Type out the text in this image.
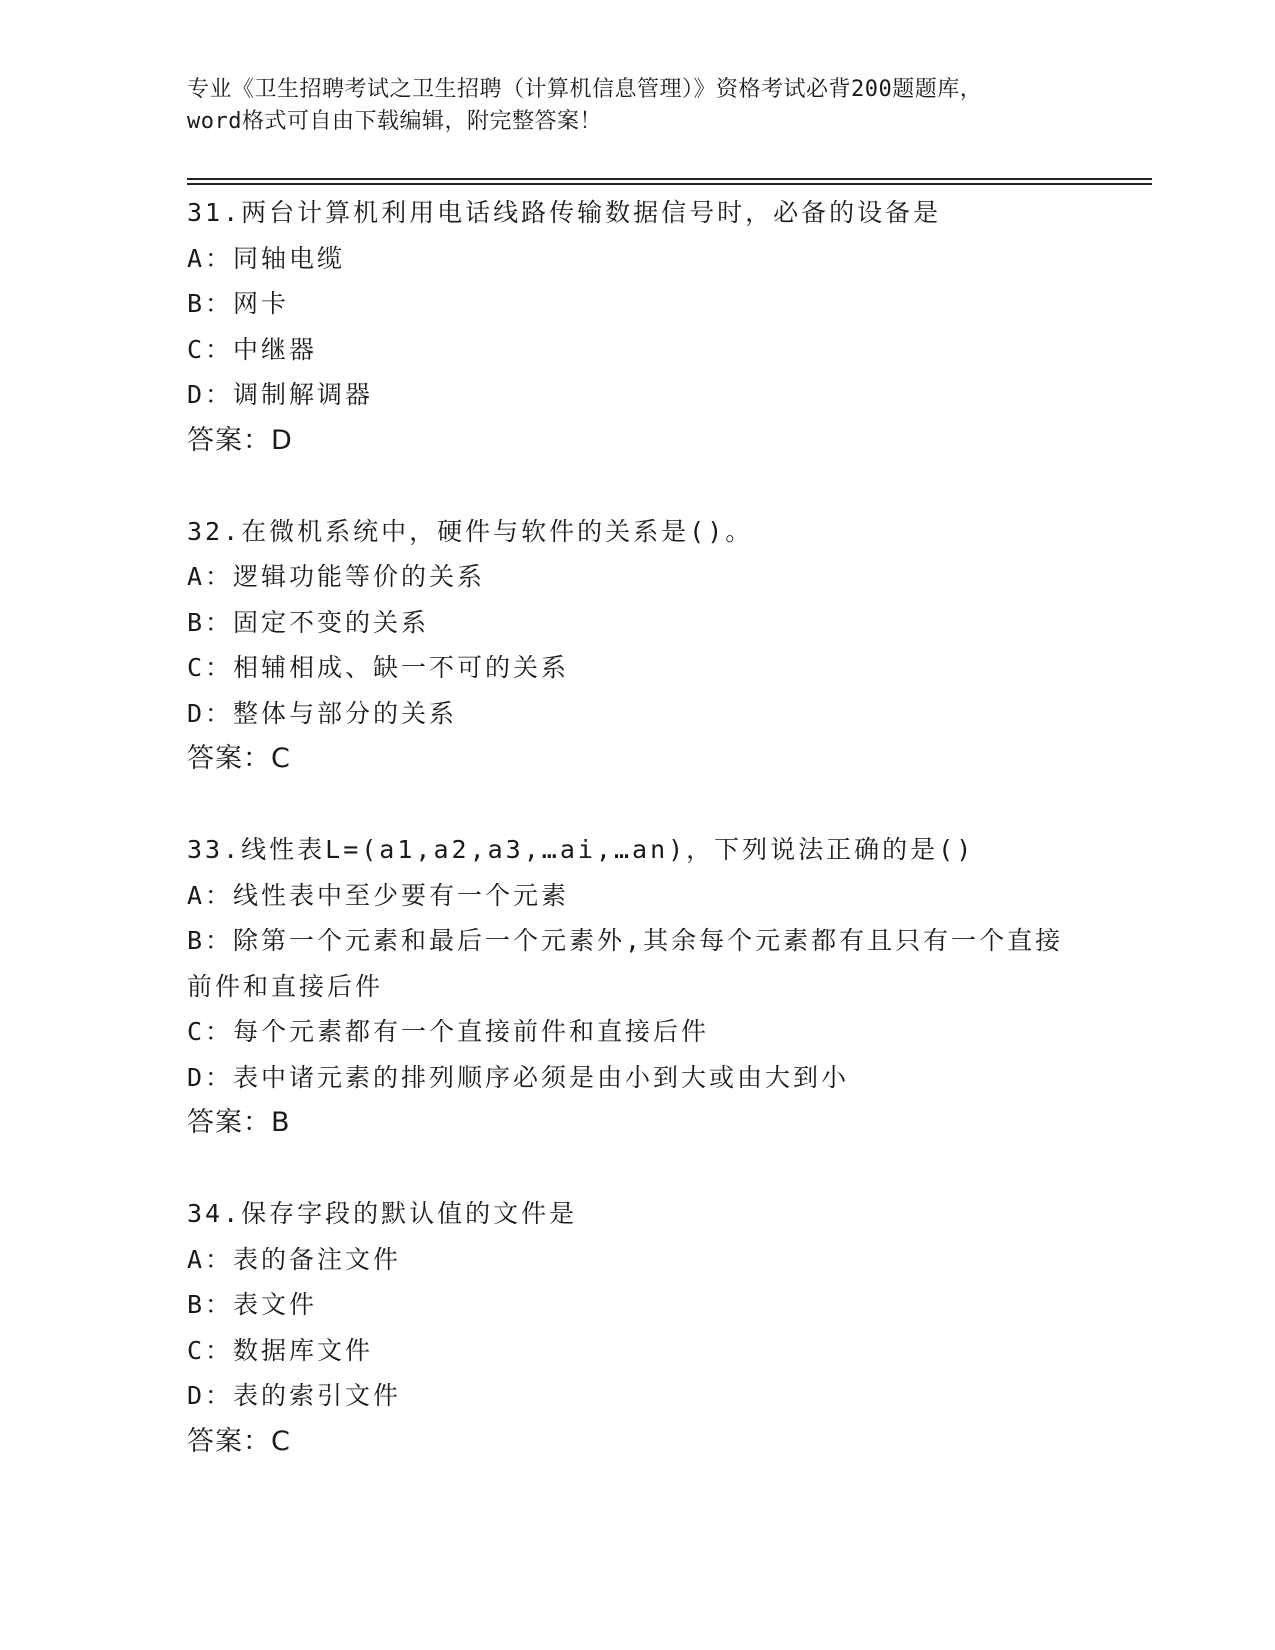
专业《卫生招聘考试之卫生招聘（计算机信息管理）》资格考试必背200题题库，
word格式可自由下载编辑，附完整答案！
31.两台计算机利用电话线路传输数据信号时，必备的设备是
A：同轴电缆
B：网卡
C：中继器
D：调制解调器
答案：D
32.在微机系统中，硬件与软件的关系是()。
A：逻辑功能等价的关系
B：固定不变的关系
C：相辅相成、缺一不可的关系
D：整体与部分的关系
答案：C
33.线性表L=(a1,a2,a3,…ai,…an)，下列说法正确的是()
A：线性表中至少要有一个元素
B：除第一个元素和最后一个元素外,其余每个元素都有且只有一个直接前件和直接后件
C：每个元素都有一个直接前件和直接后件
D：表中诸元素的排列顺序必须是由小到大或由大到小
答案：B
34.保存字段的默认值的文件是
A：表的备注文件
B：表文件
C：数据库文件
D：表的索引文件
答案：C
